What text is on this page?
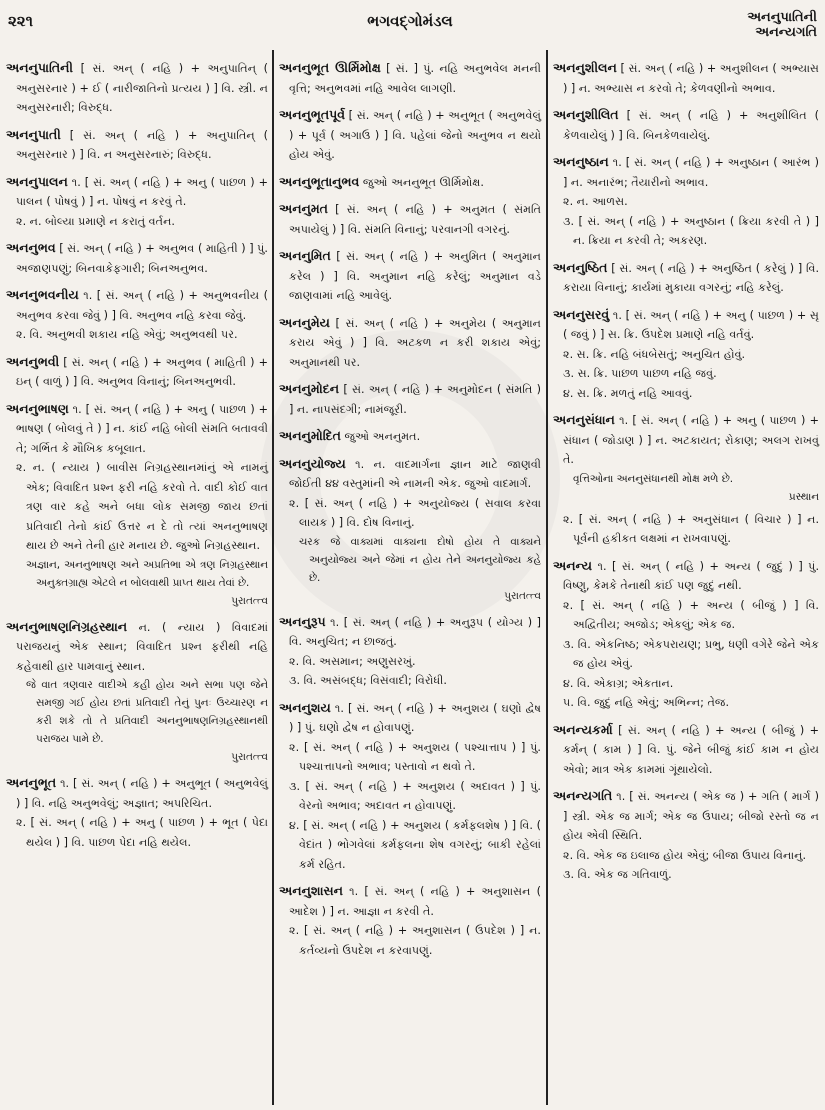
૨૨૧	ભગવદ્ગોમંડલ	અનનુપાતિની
અનન્યગતિ
અનનુપાતિની [ સં. અન્ ( નહિ ) + અનુપાતિન્ ( અનુસરનાર ) + ઈ ( નારીજાતિનો પ્રત્યય ) ] વિ. સ્ત્રી. ન અનુસરનારી; વિરુદ્ધ.
અનનુપાતી [ સં. અન્ ( નહિ ) + અનુપાતિન્ ( અનુસરનાર ) ] વિ. ન અનુસરનારું; વિરુદ્ધ.
અનનુપાલન ૧. [ સં. અન્ ( નહિ ) + અનુ ( પાછળ ) + પાલન ( પોષવું ) ] ન. પોષવું ન કરવું તે.
૨. ન. બોલ્યા પ્રમાણે ન કરાતું વર્તન.
અનનુભવ [ સં. અન્ ( નહિ ) + અનુભવ ( માહિતી ) ] પું. અજાણપણું; બિનવાકેફગારી; બિનઅનુભવ.
અનનુભવનીય ૧. [ સં. અન્ ( નહિ ) + અનુભવનીય ( અનુભવ કરવા જેવું ) ] વિ. અનુભવ નહિ કરવા જેવું.
૨. વિ. અનુભવી શકાય નહિ એવું; અનુભવથી પર.
અનનુભવી [ સં. અન્ ( નહિ ) + અનુભવ ( માહિતી ) + ઇન્ ( વાળું ) ] વિ. અનુભવ વિનાનું; બિનઅનુભવી.
અનનુભાષણ ૧. [ સં. અન્ ( નહિ ) + અનુ ( પાછળ ) + ભાષણ ( બોલવું તે ) ] ન. કાંઈ નહિ બોલી સંમતિ બતાવવી તે; ગર્ભિત કે મૌખિક કબૂલાત.
૨. ન. ( ન્યાય ) બાવીસ નિગ્રહસ્થાનમાંનું એ નામનું એક; વિવાદિત પ્રશ્ન ફરી નહિ કરવો તે. વાદી કોઈ વાત ત્રણ વાર કહે અને બધા લોક સમજી જાય છતાં પ્રતિવાદી તેનો કાંઈ ઉત્તર ન દે તો ત્યાં અનનુભાષણ થાય છે અને તેની હાર મનાય છે. જુઓ નિગ્રહસ્થાન.
અજ્ઞાન, અનનુભાષણ અને અપ્રતિભા એ ત્રણ નિગ્રહસ્થાન અનુક્તગ્રાહ્ય એટલે ન બોલવાથી પ્રાપ્ત થાય તેવાં છે.
પુરાતત્ત્વ
અનનુભાષણનિગ્રહસ્થાન ન. ( ન્યાય ) વિવાદમાં પરાજયનું એક સ્થાન; વિવાદિત પ્રશ્ન ફરીથી નહિ કહેવાથી હાર પામવાનું સ્થાન.
જે વાત ત્રણવાર વાદીએ કહી હોય અને સભા પણ જેને સમજી ગઈ હોય છતાં પ્રતિવાદી તેનું પુનઃ ઉચ્ચારણ ન કરી શકે તો તે પ્રતિવાદી અનનુભાષણનિગ્રહસ્થાનથી પરાજય પામે છે.
પુરાતત્ત્વ
અનનુભૂત ૧. [ સં. અન્ ( નહિ ) + અનુભૂત ( અનુભવેલું ) ] વિ. નહિ અનુભવેલું; અજ્ઞાત; અપરિચિત.
૨. [ સં. અન્ ( નહિ ) + અનુ ( પાછળ ) + ભૂત ( પેદા થયેલ ) ] વિ. પાછળ પેદા નહિ થયેલ.
અનનુભૂત ઊર્મિમોક્ષ [ સં. ] પું. નહિ અનુભવેલ મનની વૃત્તિ; અનુભવમાં નહિ આવેલ લાગણી.
અનનુભૂતપૂર્વ [ સં. અન્ ( નહિ ) + અનુભૂત ( અનુભવેલું ) + પૂર્વ ( અગાઉ ) ] વિ. પહેલાં જેનો અનુભવ ન થયો હોય એવું.
અનનુભૂતાનુભવ જુઓ અનનુભૂત ઊર્મિમોક્ષ.
અનનુમત [ સં. અન્ ( નહિ ) + અનુમત ( સંમતિ અપાયેલું ) ] વિ. સંમતિ વિનાનું; પરવાનગી વગરનું.
અનનુમિત [ સં. અન્ ( નહિ ) + અનુમિત ( અનુમાન કરેલ ) ] વિ. અનુમાન નહિ કરેલું; અનુમાન વડે જાણવામાં નહિ આવેલું.
અનનુમેય [ સં. અન્ ( નહિ ) + અનુમેય ( અનુમાન કરાય એવું ) ] વિ. અટકળ ન કરી શકાય એવું; અનુમાનથી પર.
અનનુમોદન [ સં. અન્ ( નહિ ) + અનુમોદન ( સંમતિ ) ] ન. નાપસંદગી; નામંજૂરી.
અનનુમોદિત જુઓ અનનુમત.
અનનુયોજ્ય ૧. ન. વાદમાર્ગના જ્ઞાન માટે જાણવી જોઈતી ૪૪ વસ્તુમાંની એ નામની એક. જુઓ વાદમાર્ગ.
૨. [ સં. અન્ ( નહિ ) + અનુયોજ્ય ( સવાલ કરવા લાયક ) ] વિ. દોષ વિનાનું.
ચરક જે વાક્યમાં વાક્યના દોષો હોય તે વાક્યને અનુયોજ્ય અને જેમાં ન હોય તેને અનનુયોજ્ય કહે છે.
પુરાતત્ત્વ
અનનુરૂપ ૧. [ સં. અન્ ( નહિ ) + અનુરૂપ ( યોગ્ય ) ] વિ. અનુચિત; ન છાજતું.
૨. વિ. અસમાન; અણુસરખું.
૩. વિ. અસંબદ્ધ; વિસંવાદી; વિરોધી.
અનનુશય ૧. [ સં. અન્ ( નહિ ) + અનુશય ( ઘણો દ્વેષ ) ] પું. ઘણો દ્વેષ ન હોવાપણું.
૨. [ સં. અન્ ( નહિ ) + અનુશય ( પશ્ચાત્તાપ ) ] પું. પશ્ચાત્તાપનો અભાવ; પસ્તાવો ન થવો તે.
૩. [ સં. અન્ ( નહિ ) + અનુશય ( અદાવત ) ] પું. વેરનો અભાવ; અદાવત ન હોવાપણું.
૪. [ સં. અન્ ( નહિ ) + અનુશય ( કર્મફલશેષ ) ] વિ. ( વેદાંત ) ભોગવેલાં કર્મફલના શેષ વગરનું; બાકી રહેલાં કર્મ રહિત.
અનનુશાસન ૧. [ સં. અન્ ( નહિ ) + અનુશાસન ( આદેશ ) ] ન. આજ્ઞા ન કરવી તે.
૨. [ સં. અન્ ( નહિ ) + અનુશાસન ( ઉપદેશ ) ] ન. કર્તવ્યનો ઉપદેશ ન કરવાપણું.
અનનુશીલન [ સં. અન્ ( નહિ ) + અનુશીલન ( અભ્યાસ ) ] ન. અભ્યાસ ન કરવો તે; કેળવણીનો અભાવ.
અનનુશીલિત [ સં. અન્ ( નહિ ) + અનુશીલિત ( કેળવાયેલું ) ] વિ. બિનકેળવાયેલું.
અનનુષ્ઠાન ૧. [ સં. અન્ ( નહિ ) + અનુષ્ઠાન ( આરંભ ) ] ન. અનારંભ; તૈયારીનો અભાવ.
૨. ન. આળસ.
૩. [ સં. અન્ ( નહિ ) + અનુષ્ઠાન ( ક્રિયા કરવી તે ) ] ન. ક્રિયા ન કરવી તે; અકરણ.
અનનુષ્ઠિત [ સં. અન્ ( નહિ ) + અનુષ્ઠિત ( કરેલું ) ] વિ. કરાયા વિનાનું; કાર્યમાં મુકાયા વગરનું; નહિ કરેલું.
અનનુસરવું ૧. [ સં. અન્ ( નહિ ) + અનુ ( પાછળ ) + સૃ ( જવું ) ] સ. ક્રિ. ઉપદેશ પ્રમાણે નહિ વર્તવું.
૨. સ. ક્રિ. નહિ બંધબેસતું; અનુચિત હોવું.
૩. સ. ક્રિ. પાછળ પાછળ નહિ જવું.
૪. સ. ક્રિ. મળતું નહિ આવવું.
અનનુસંધાન ૧. [ સં. અન્ ( નહિ ) + અનુ ( પાછળ ) + સંધાન ( જોડાણ ) ] ન. અટકાયત; રોકાણ; અલગ રાખવું તે.
વૃત્તિઓના અનનુસંધાનથી મોક્ષ મળે છે.
પ્રસ્થાન
૨. [ સં. અન્ ( નહિ ) + અનુસંધાન ( વિચાર ) ] ન. પૂર્વની હકીકત લક્ષમાં ન રાખવાપણું.
અનન્ય ૧. [ સં. અન્ ( નહિ ) + અન્ય ( જુદું ) ] પું. વિષ્ણુ, કેમકે તેનાથી કાંઈ પણ જુદું નથી.
૨. [ સં. અન્ ( નહિ ) + અન્ય ( બીજું ) ] વિ. અદ્વિતીય; અજોડ; એકલું; એક જ.
૩. વિ. એકનિષ્ઠ; એકપરાયણ; પ્રભુ, ધણી વગેરે જેને એક જ હોય એવું.
૪. વિ. એકાગ્ર; એકતાન.
૫. વિ. જુદું નહિ એવું; અભિન્ન; તેજ.
અનન્યકર્મા [ સં. અન્ ( નહિ ) + અન્ય ( બીજું ) + કર્મન્ ( કામ ) ] વિ. પું. જેને બીજું કાંઈ કામ ન હોય એવો; માત્ર એક કામમાં ગૂંથાયેલો.
અનન્યગતિ ૧. [ સં. અનન્ય ( એક જ ) + ગતિ ( માર્ગ ) ] સ્ત્રી. એક જ માર્ગ; એક જ ઉપાય; બીજો રસ્તો જ ન હોય એવી સ્થિતિ.
૨. વિ. એક જ ઇલાજ હોય એવું; બીજા ઉપાય વિનાનું.
૩. વિ. એક જ ગતિવાળું.
